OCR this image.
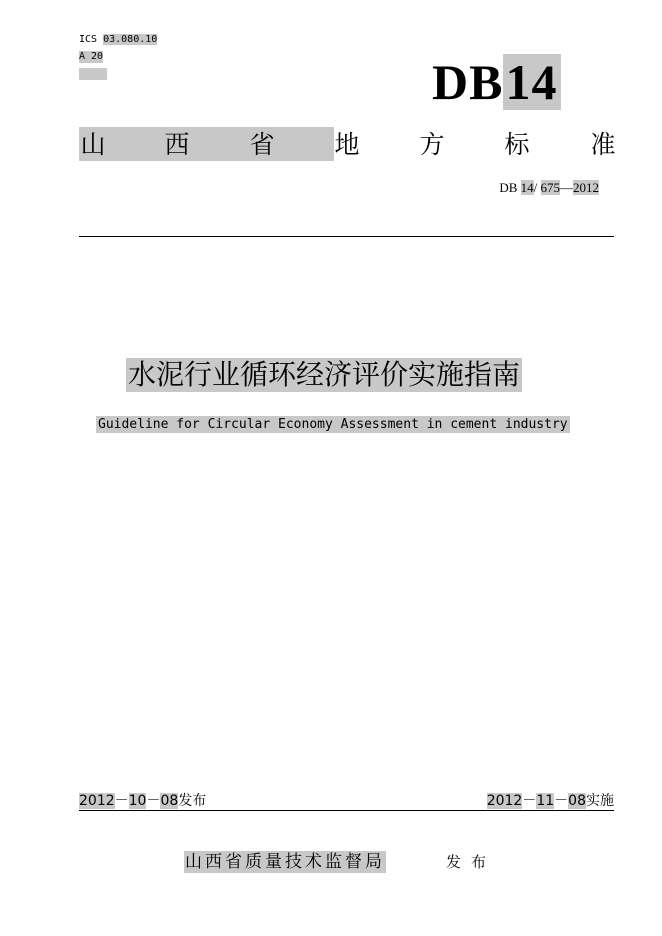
ICS 03.080.10
A 20	DB14
山 西 省 地 方 标 准
DB 14/ 675—2012
水泥行业循环经济评价实施指南
Guideline for Circular Economy Assessment in cement industry
2012－10－08发布	2012－11－08实施
山西省质量技术监督局	发布
